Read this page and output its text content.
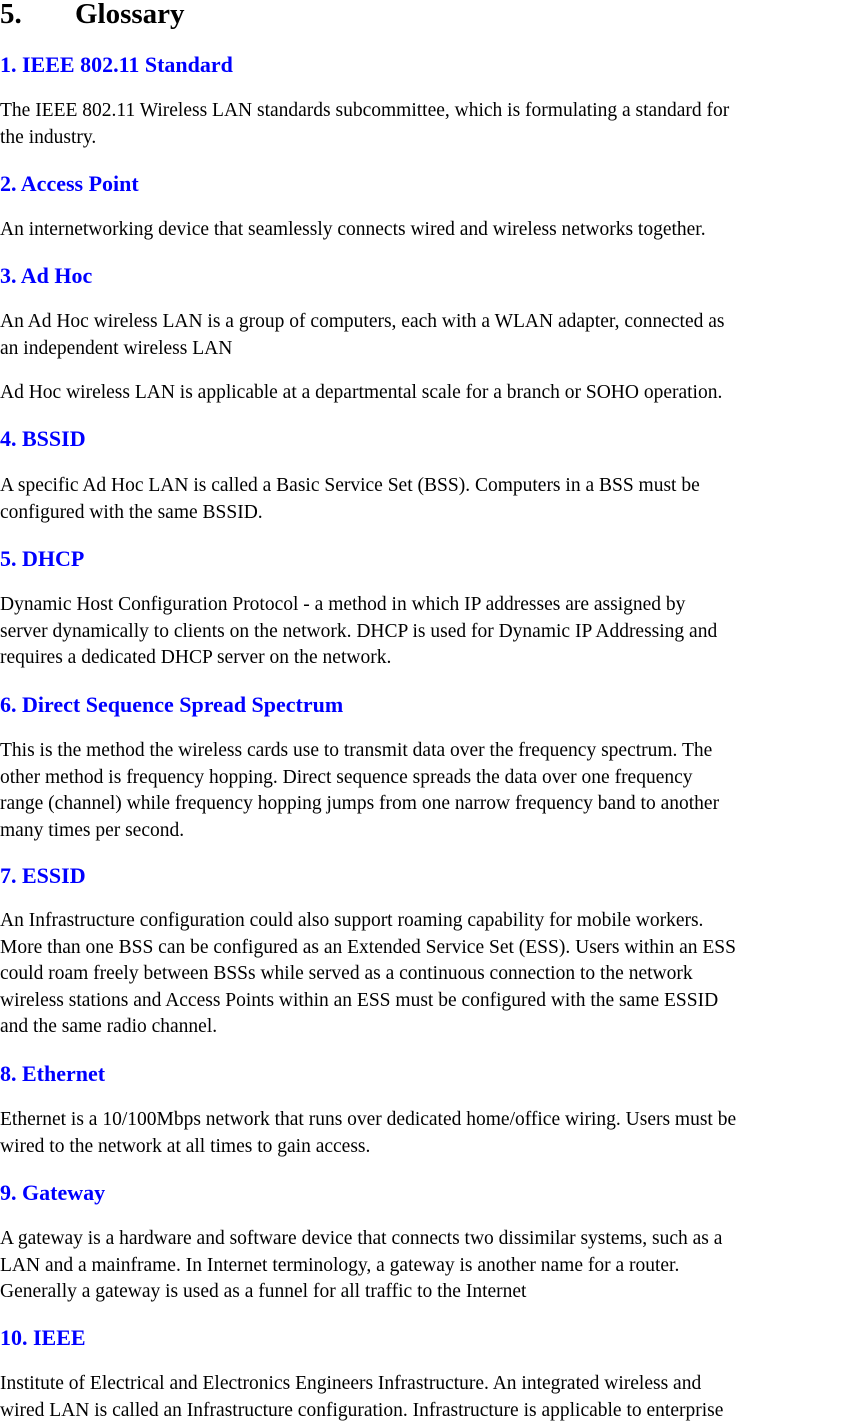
5. Glossary
1. IEEE 802.11 Standard

The IEEE 802.11 Wireless LAN standards subcommittee, which is formulating a standard for
the industry.

2. Access Point

An internetworking device that seamlessly connects wired and wireless networks together.

3. Ad Hoc

An Ad Hoc wireless LAN is a group of computers, each with a WLAN adapter, connected as
an independent wireless LAN

Ad Hoc wireless LAN is applicable at a departmental scale for a branch or SOHO operation.

4. BSSID

A specific Ad Hoc LAN is called a Basic Service Set (BSS). Computers in a BSS must be
configured with the same BSSID.

5. DHCP

Dynamic Host Configuration Protocol - a method in which IP addresses are assigned by
server dynamically to clients on the network. DHCP is used for Dynamic IP Addressing and
requires a dedicated DHCP server on the network.

6. Direct Sequence Spread Spectrum

This is the method the wireless cards use to transmit data over the frequency spectrum. The
other method is frequency hopping. Direct sequence spreads the data over one frequency
range (channel) while frequency hopping jumps from one narrow frequency band to another
many times per second.

7. ESSID

An Infrastructure configuration could also support roaming capability for mobile workers.
More than one BSS can be configured as an Extended Service Set (ESS). Users within an ESS
could roam freely between BSSs while served as a continuous connection to the network
wireless stations and Access Points within an ESS must be configured with the same ESSID
and the same radio channel.

8. Ethernet

Ethernet is a 10/100Mbps network that runs over dedicated home/office wiring. Users must be
wired to the network at all times to gain access.

9. Gateway

A gateway is a hardware and software device that connects two dissimilar systems, such as a
LAN and a mainframe. In Internet terminology, a gateway is another name for a router.
Generally a gateway is used as a funnel for all traffic to the Internet

10. IEEE

Institute of Electrical and Electronics Engineers Infrastructure. An integrated wireless and
wired LAN is called an Infrastructure configuration. Infrastructure is applicable to enterprise
